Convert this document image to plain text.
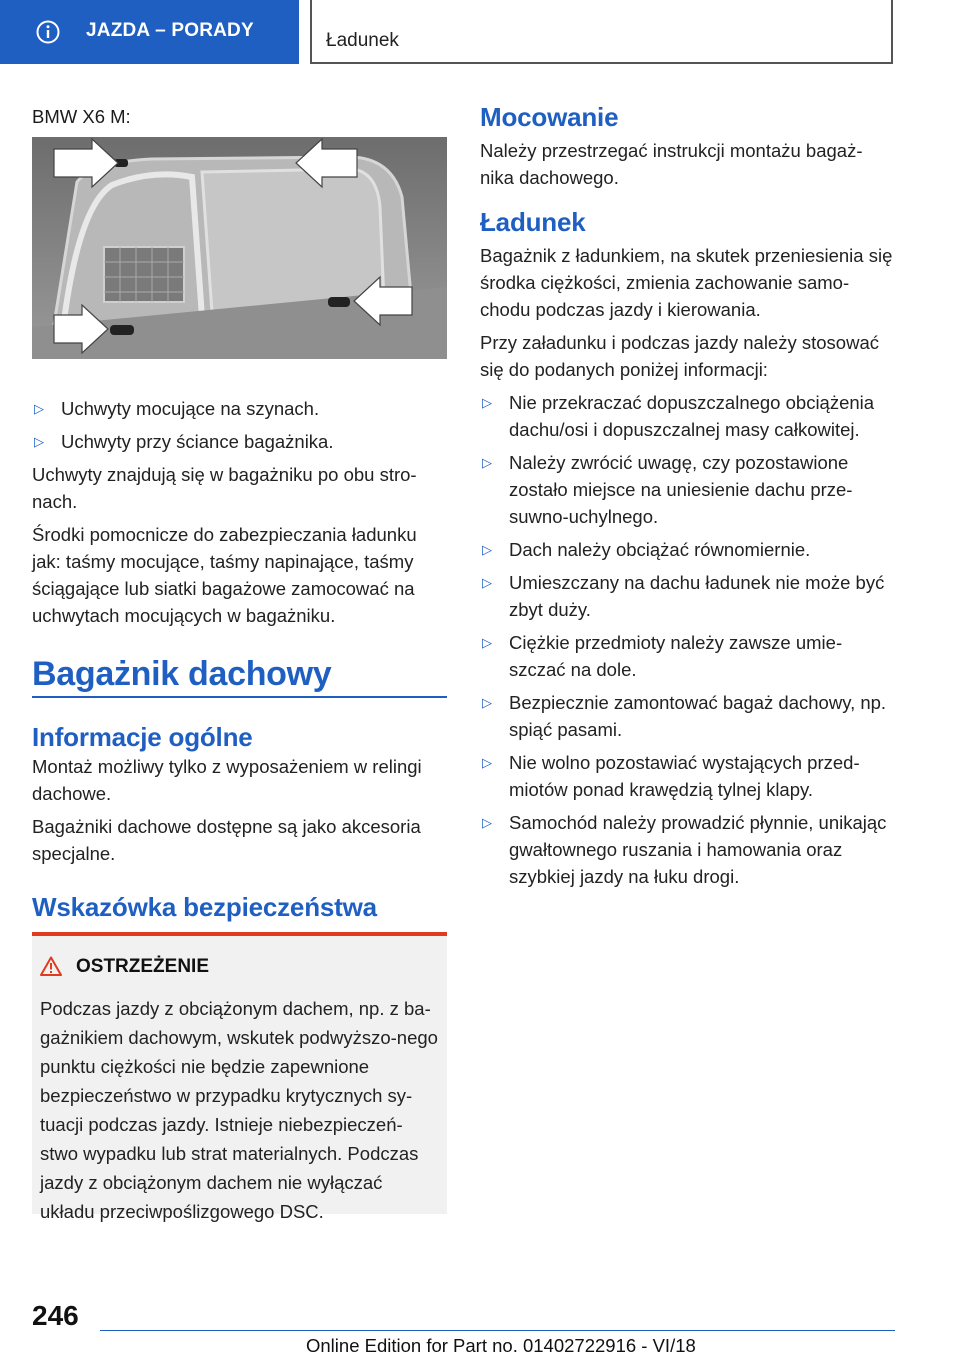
JAZDA – PORADY	Ładunek
BMW X6 M:
▷ Uchwyty mocujące na szynach.
▷ Uchwyty przy ściance bagażnika.

Uchwyty znajdują się w bagażniku po obu stro-nach.

Środki pomocnicze do zabezpieczania ładunku jak: taśmy mocujące, taśmy napinające, taśmy ściągające lub siatki bagażowe zamocować na uchwytach mocujących w bagażniku.

Bagażnik dachowy
Informacje ogólne

Montaż możliwy tylko z wyposażeniem w relingi dachowe.

Bagażniki dachowe dostępne są jako akcesoria specjalne.

Wskazówka bezpieczeństwa
OSTRZEŻENIE

Podczas jazdy z obciążonym dachem, np. z ba-gażnikiem dachowym, wskutek podwyższo-nego punktu ciężkości nie będzie zapewnione bezpieczeństwo w przypadku krytycznych sy-tuacji podczas jazdy. Istnieje niebezpieczeń-stwo wypadku lub strat materialnych. Podczas jazdy z obciążonym dachem nie wyłączać układu przeciwpoślizgowego DSC.

Mocowanie

Należy przestrzegać instrukcji montażu bagaż-nika dachowego.

Ładunek

Bagażnik z ładunkiem, na skutek przeniesienia się środka ciężkości, zmienia zachowanie samo-chodu podczas jazdy i kierowania.

Przy załadunku i podczas jazdy należy stosować się do podanych poniżej informacji:

▷ Nie przekraczać dopuszczalnego obciążenia dachu/osi i dopuszczalnej masy całkowitej.
▷ Należy zwrócić uwagę, czy pozostawione zostało miejsce na uniesienie dachu prze-suwno-uchylnego.
▷ Dach należy obciążać równomiernie.
▷ Umieszczany na dachu ładunek nie może być zbyt duży.
▷ Ciężkie przedmioty należy zawsze umie-szczać na dole.
▷ Bezpiecznie zamontować bagaż dachowy, np. spiąć pasami.
▷ Nie wolno pozostawiać wystających przed-miotów ponad krawędzią tylnej klapy.
▷ Samochód należy prowadzić płynnie, unikając gwałtownego ruszania i hamowania oraz szybkiej jazdy na łuku drogi.
246
Online Edition for Part no. 01402722916 - VI/18
